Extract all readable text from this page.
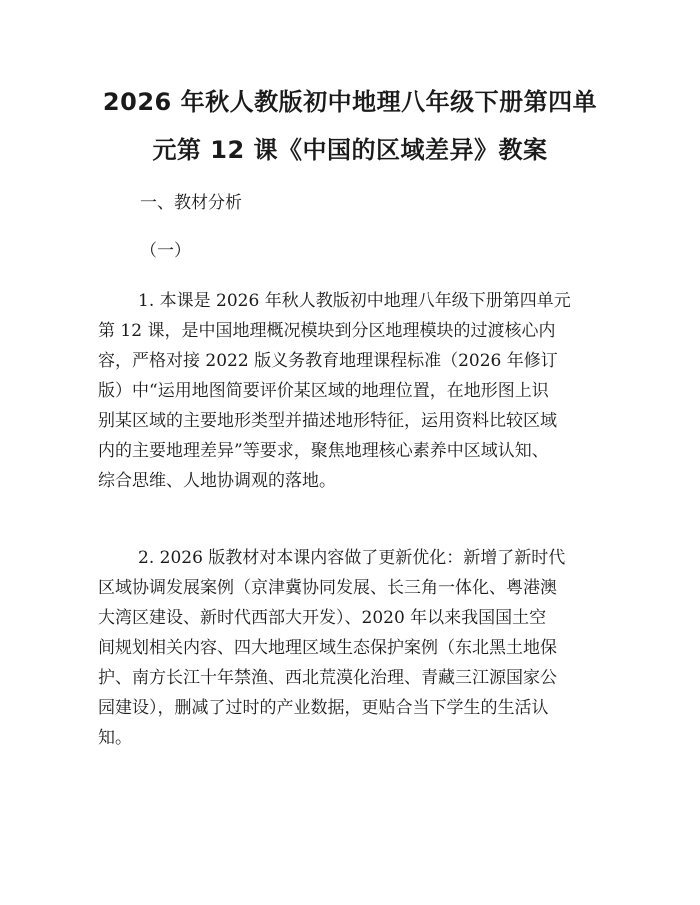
2026 年秋人教版初中地理八年级下册第四单
元第 12 课《中国的区域差异》教案

一、教材分析

（一）

1. 本课是 2026 年秋人教版初中地理八年级下册第四单元
第 12 课，是中国地理概况模块到分区地理模块的过渡核心内
容，严格对接 2022 版义务教育地理课程标准（2026 年修订
版）中“运用地图简要评价某区域的地理位置，在地形图上识
别某区域的主要地形类型并描述地形特征，运用资料比较区域
内的主要地理差异”等要求，聚焦地理核心素养中区域认知、
综合思维、人地协调观的落地。

2. 2026 版教材对本课内容做了更新优化：新增了新时代
区域协调发展案例（京津冀协同发展、长三角一体化、粤港澳
大湾区建设、新时代西部大开发）、2020 年以来我国国土空
间规划相关内容、四大地理区域生态保护案例（东北黑土地保
护、南方长江十年禁渔、西北荒漠化治理、青藏三江源国家公
园建设），删减了过时的产业数据，更贴合当下学生的生活认
知。
